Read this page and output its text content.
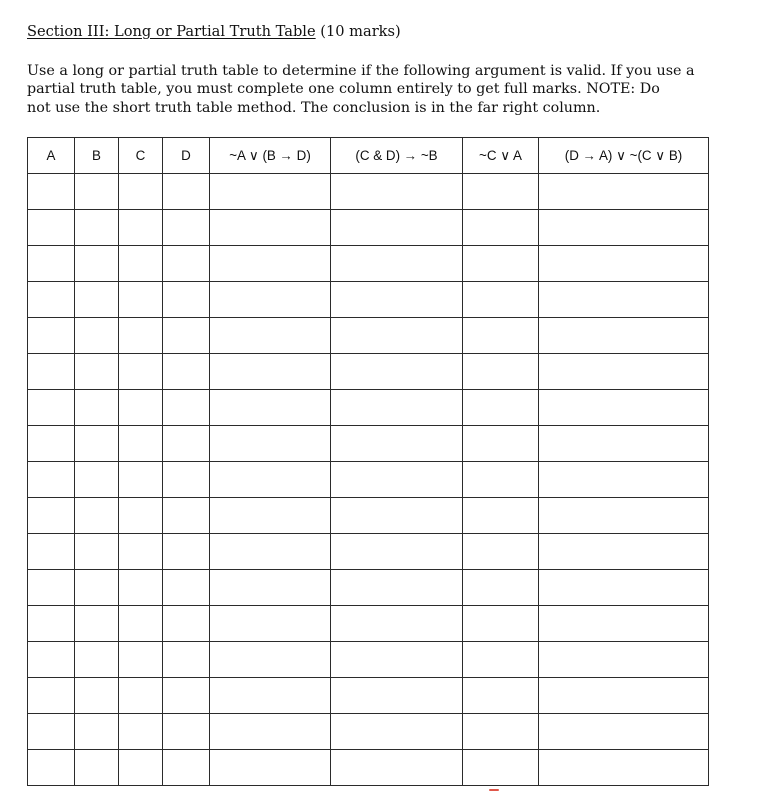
Section III: Long or Partial Truth Table (10 marks)

Use a long or partial truth table to determine if the following argument is valid. If you use a
partial truth table, you must complete one column entirely to get full marks. NOTE: Do
not use the short truth table method. The conclusion is in the far right column.

A	B	C	D	~A ∨ (B → D)	(C & D) → ~B	~C ∨ A	(D → A) ∨ ~(C ∨ B)
